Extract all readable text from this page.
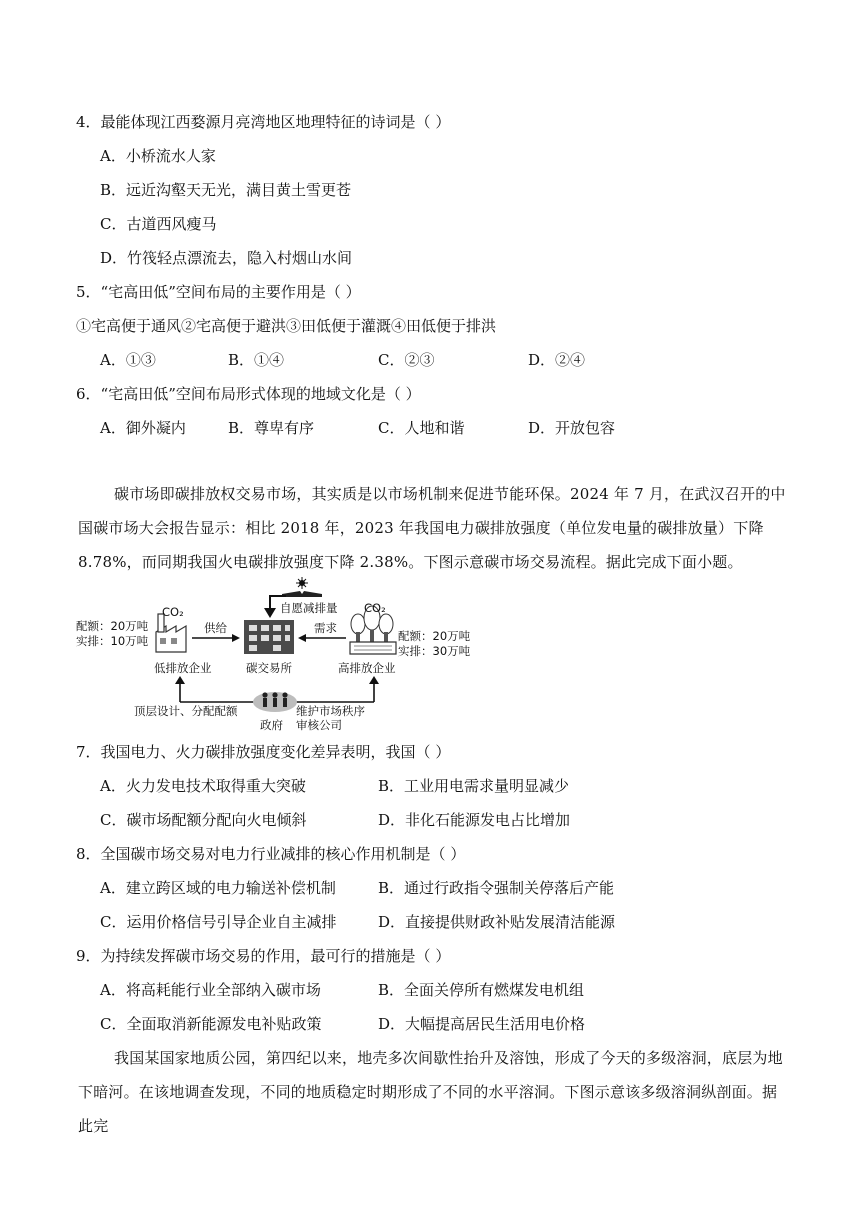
4．最能体现江西婺源月亮湾地区地理特征的诗词是（ ）
A．小桥流水人家
B．远近沟壑天无光，满目黄土雪更苍
C．古道西风瘦马
D．竹筏轻点漂流去，隐入村烟山水间
5．“宅高田低”空间布局的主要作用是（ ）
①宅高便于通风②宅高便于避洪③田低便于灌溉④田低便于排洪
A．①③	B．①④	C．②③	D．②④
6．“宅高田低”空间布局形式体现的地域文化是（ ）
A．御外凝内	B．尊卑有序	C．人地和谐	D．开放包容
碳市场即碳排放权交易市场，其实质是以市场机制来促进节能环保。2024 年 7 月，在武汉召开的中国碳市场大会报告显示：相比 2018 年，2023 年我国电力碳排放强度（单位发电量的碳排放量）下降 8.78%，而同期我国火电碳排放强度下降 2.38%。下图示意碳市场交易流程。据此完成下面小题。
自愿减排量
CO₂
配额：20万吨
实排：10万吨
供给	需求
CO₂
配额：20万吨
实排：30万吨
低排放企业	碳交易所	高排放企业
顶层设计、分配配额
政府
维护市场秩序
审核公司
7．我国电力、火力碳排放强度变化差异表明，我国（ ）
A．火力发电技术取得重大突破	B．工业用电需求量明显减少
C．碳市场配额分配向火电倾斜	D．非化石能源发电占比增加
8．全国碳市场交易对电力行业减排的核心作用机制是（ ）
A．建立跨区域的电力输送补偿机制	B．通过行政指令强制关停落后产能
C．运用价格信号引导企业自主减排	D．直接提供财政补贴发展清洁能源
9．为持续发挥碳市场交易的作用，最可行的措施是（ ）
A．将高耗能行业全部纳入碳市场	B．全面关停所有燃煤发电机组
C．全面取消新能源发电补贴政策	D．大幅提高居民生活用电价格
我国某国家地质公园，第四纪以来，地壳多次间歇性抬升及溶蚀，形成了今天的多级溶洞，底层为地下暗河。在该地调查发现，不同的地质稳定时期形成了不同的水平溶洞。下图示意该多级溶洞纵剖面。据此完
